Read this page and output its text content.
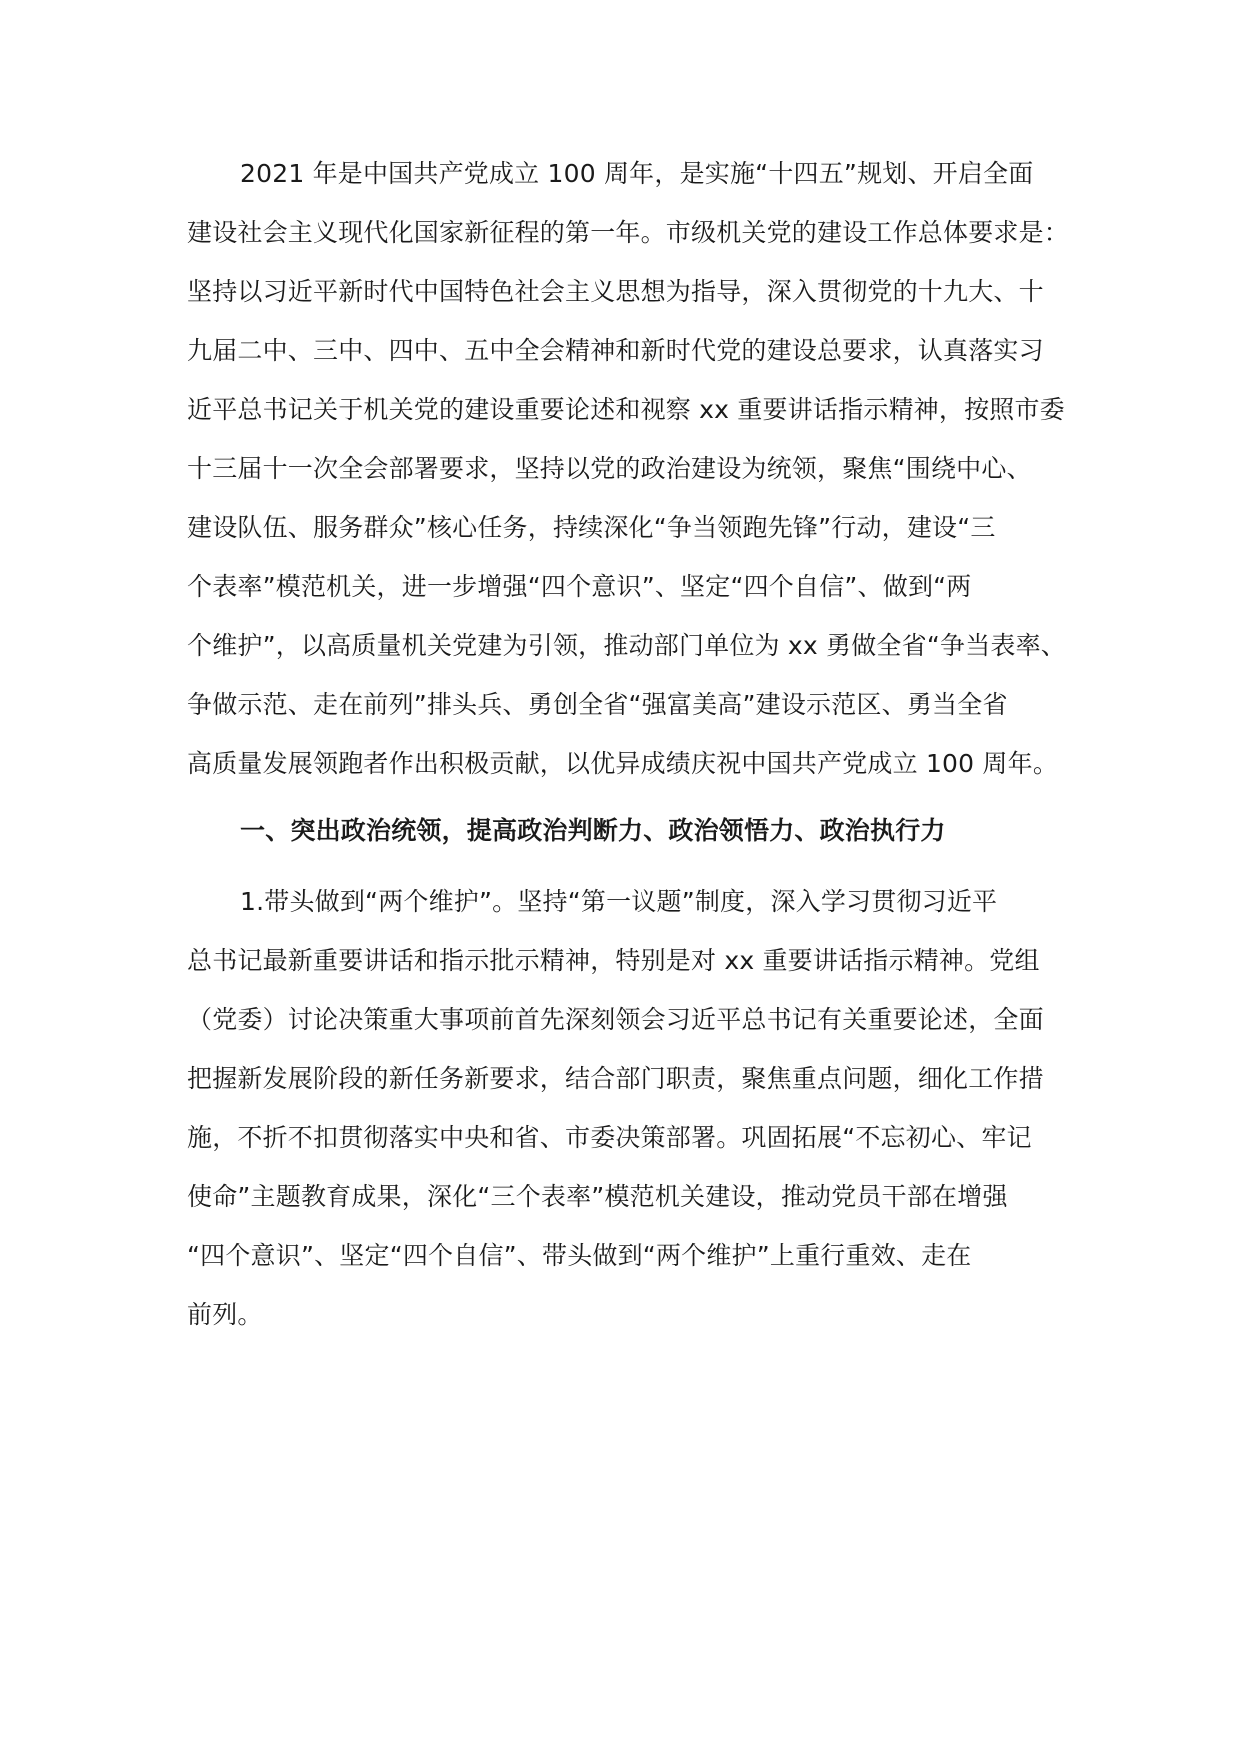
2021 年是中国共产党成立 100 周年，是实施“十四五”规划、开启全面
建设社会主义现代化国家新征程的第一年。市级机关党的建设工作总体要求是：
坚持以习近平新时代中国特色社会主义思想为指导，深入贯彻党的十九大、十
九届二中、三中、四中、五中全会精神和新时代党的建设总要求，认真落实习
近平总书记关于机关党的建设重要论述和视察 xx 重要讲话指示精神，按照市委
十三届十一次全会部署要求，坚持以党的政治建设为统领，聚焦“围绕中心、
建设队伍、服务群众”核心任务，持续深化“争当领跑先锋”行动，建设“三
个表率”模范机关，进一步增强“四个意识”、坚定“四个自信”、做到“两
个维护”，以高质量机关党建为引领，推动部门单位为 xx 勇做全省“争当表率、
争做示范、走在前列”排头兵、勇创全省“强富美高”建设示范区、勇当全省
高质量发展领跑者作出积极贡献，以优异成绩庆祝中国共产党成立 100 周年。
一、突出政治统领，提高政治判断力、政治领悟力、政治执行力
1.带头做到“两个维护”。坚持“第一议题”制度，深入学习贯彻习近平
总书记最新重要讲话和指示批示精神，特别是对 xx 重要讲话指示精神。党组
（党委）讨论决策重大事项前首先深刻领会习近平总书记有关重要论述，全面
把握新发展阶段的新任务新要求，结合部门职责，聚焦重点问题，细化工作措
施，不折不扣贯彻落实中央和省、市委决策部署。巩固拓展“不忘初心、牢记
使命”主题教育成果，深化“三个表率”模范机关建设，推动党员干部在增强
“四个意识”、坚定“四个自信”、带头做到“两个维护”上重行重效、走在
前列。
